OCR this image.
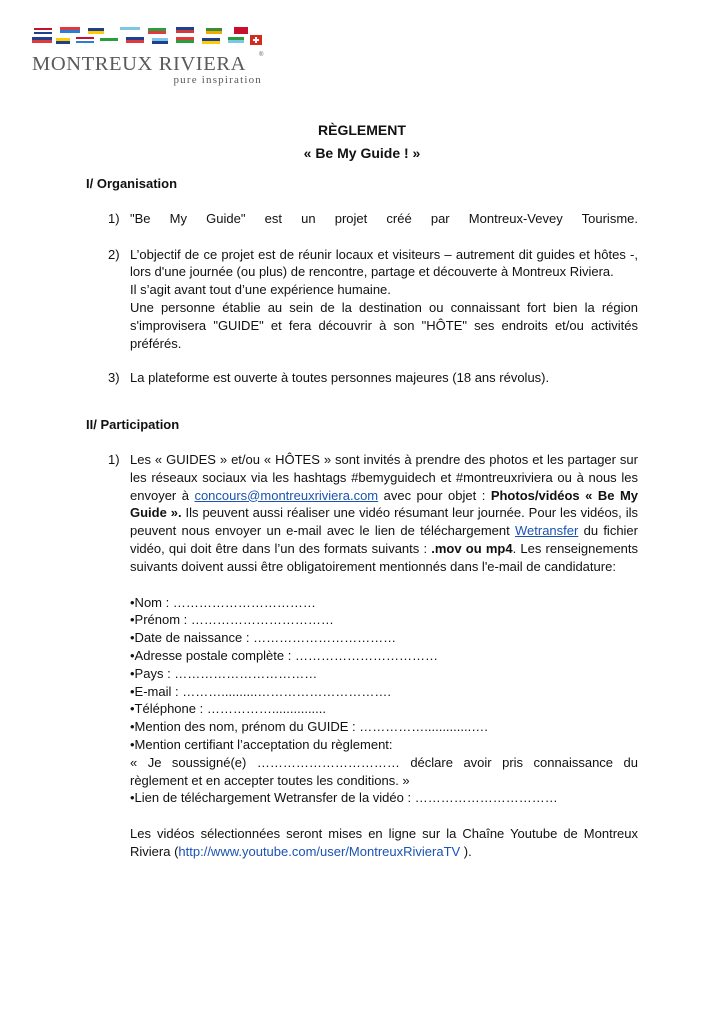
MONTREUX RIVIERA ®
pure inspiration
RÈGLEMENT
« Be My Guide ! »

I/ Organisation

1) "Be My Guide" est un projet créé par Montreux-Vevey Tourisme.

2) L’objectif de ce projet est de réunir locaux et visiteurs – autrement dit guides et hôtes -, lors d'une journée (ou plus) de rencontre, partage et découverte à Montreux Riviera.

Il s’agit avant tout d’une expérience humaine.

Une personne établie au sein de la destination ou connaissant fort bien la région s'improvisera "GUIDE" et fera découvrir à son "HÔTE" ses endroits et/ou activités préférés.

3) La plateforme est ouverte à toutes personnes majeures (18 ans révolus).

II/ Participation

1) Les « GUIDES » et/ou « HÔTES » sont invités à prendre des photos et les partager sur les réseaux sociaux via les hashtags #bemyguidech et #montreuxriviera ou à nous les envoyer à concours@montreuxriviera.com avec pour objet : Photos/vidéos « Be My Guide ». Ils peuvent aussi réaliser une vidéo résumant leur journée. Pour les vidéos, ils peuvent nous envoyer un e-mail avec le lien de téléchargement Wetransfer du fichier vidéo, qui doit être dans l’un des formats suivants : .mov ou mp4. Les renseignements suivants doivent aussi être obligatoirement mentionnés dans l'e-mail de candidature:

•Nom : ……………………………

•Prénom : ……………………………

•Date de naissance : ……………………………

•Adresse postale complète : ……………………………

•Pays : ……………………………

•E-mail : ………..........………………………….

•Téléphone : ……………...............

•Mention des nom, prénom du GUIDE : …………….............….

•Mention certifiant l’acceptation du règlement:

« Je soussigné(e) …………………………… déclare avoir pris connaissance du règlement et en accepter toutes les conditions. »

•Lien de téléchargement Wetransfer de la vidéo : ……………………………

Les vidéos sélectionnées seront mises en ligne sur la Chaîne Youtube de Montreux Riviera (http://www.youtube.com/user/MontreuxRivieraTV ).
